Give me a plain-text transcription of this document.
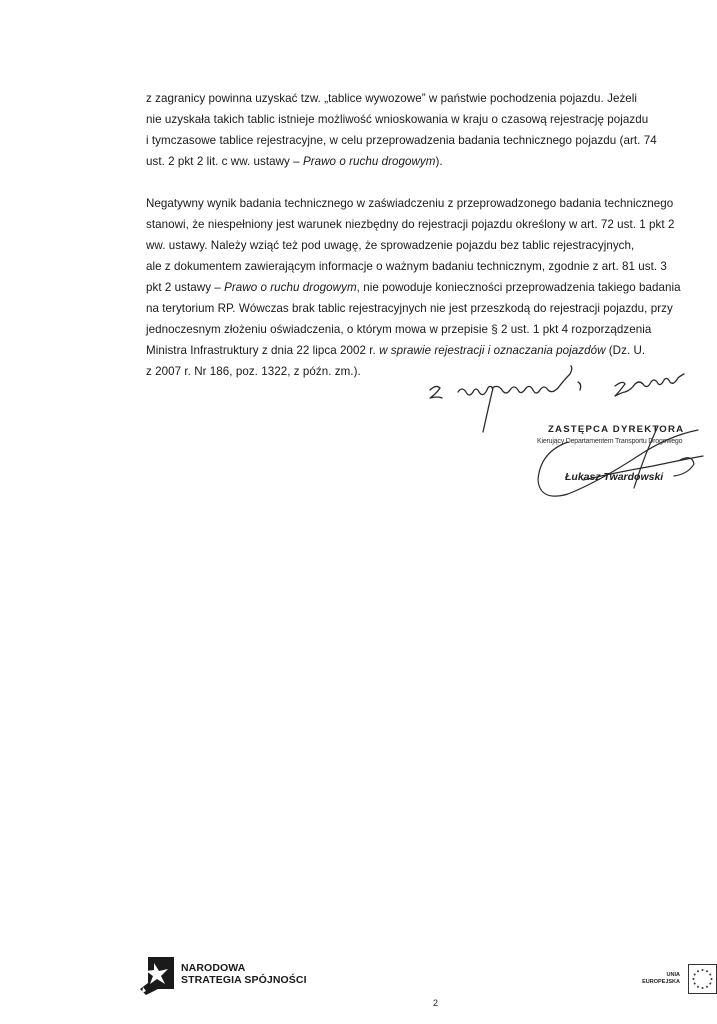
z zagranicy powinna uzyskać tzw. „tablice wywozowe” w państwie pochodzenia pojazdu. Jeżeli
nie uzyskała takich tablic istnieje możliwość wnioskowania w kraju o czasową rejestrację pojazdu
i tymczasowe tablice rejestracyjne, w celu przeprowadzenia badania technicznego pojazdu (art. 74
ust. 2 pkt 2 lit. c ww. ustawy – Prawo o ruchu drogowym).
Negatywny wynik badania technicznego w zaświadczeniu z przeprowadzonego badania technicznego
stanowi, że niespełniony jest warunek niezbędny do rejestracji pojazdu określony w art. 72 ust. 1 pkt 2
ww. ustawy. Należy wziąć też pod uwagę, że sprowadzenie pojazdu bez tablic rejestracyjnych,
ale z dokumentem zawierającym informacje o ważnym badaniu technicznym, zgodnie z art. 81 ust. 3
pkt 2 ustawy – Prawo o ruchu drogowym, nie powoduje konieczności przeprowadzenia takiego badania
na terytorium RP. Wówczas brak tablic rejestracyjnych nie jest przeszkodą do rejestracji pojazdu, przy
jednoczesnym złożeniu oświadczenia, o którym mowa w przepisie § 2 ust. 1 pkt 4 rozporządzenia
Ministra Infrastruktury z dnia 22 lipca 2002 r. w sprawie rejestracji i oznaczania pojazdów (Dz. U.
z 2007 r. Nr 186, poz. 1322, z późn. zm.).
ZASTĘPCA DYREKTORA
Kierujący Departamentem Transportu Drogowego
Łukasz Twardowski
NARODOWA
STRATEGIA SPÓJNOŚCI
2
UNIA
EUROPEJSKA
